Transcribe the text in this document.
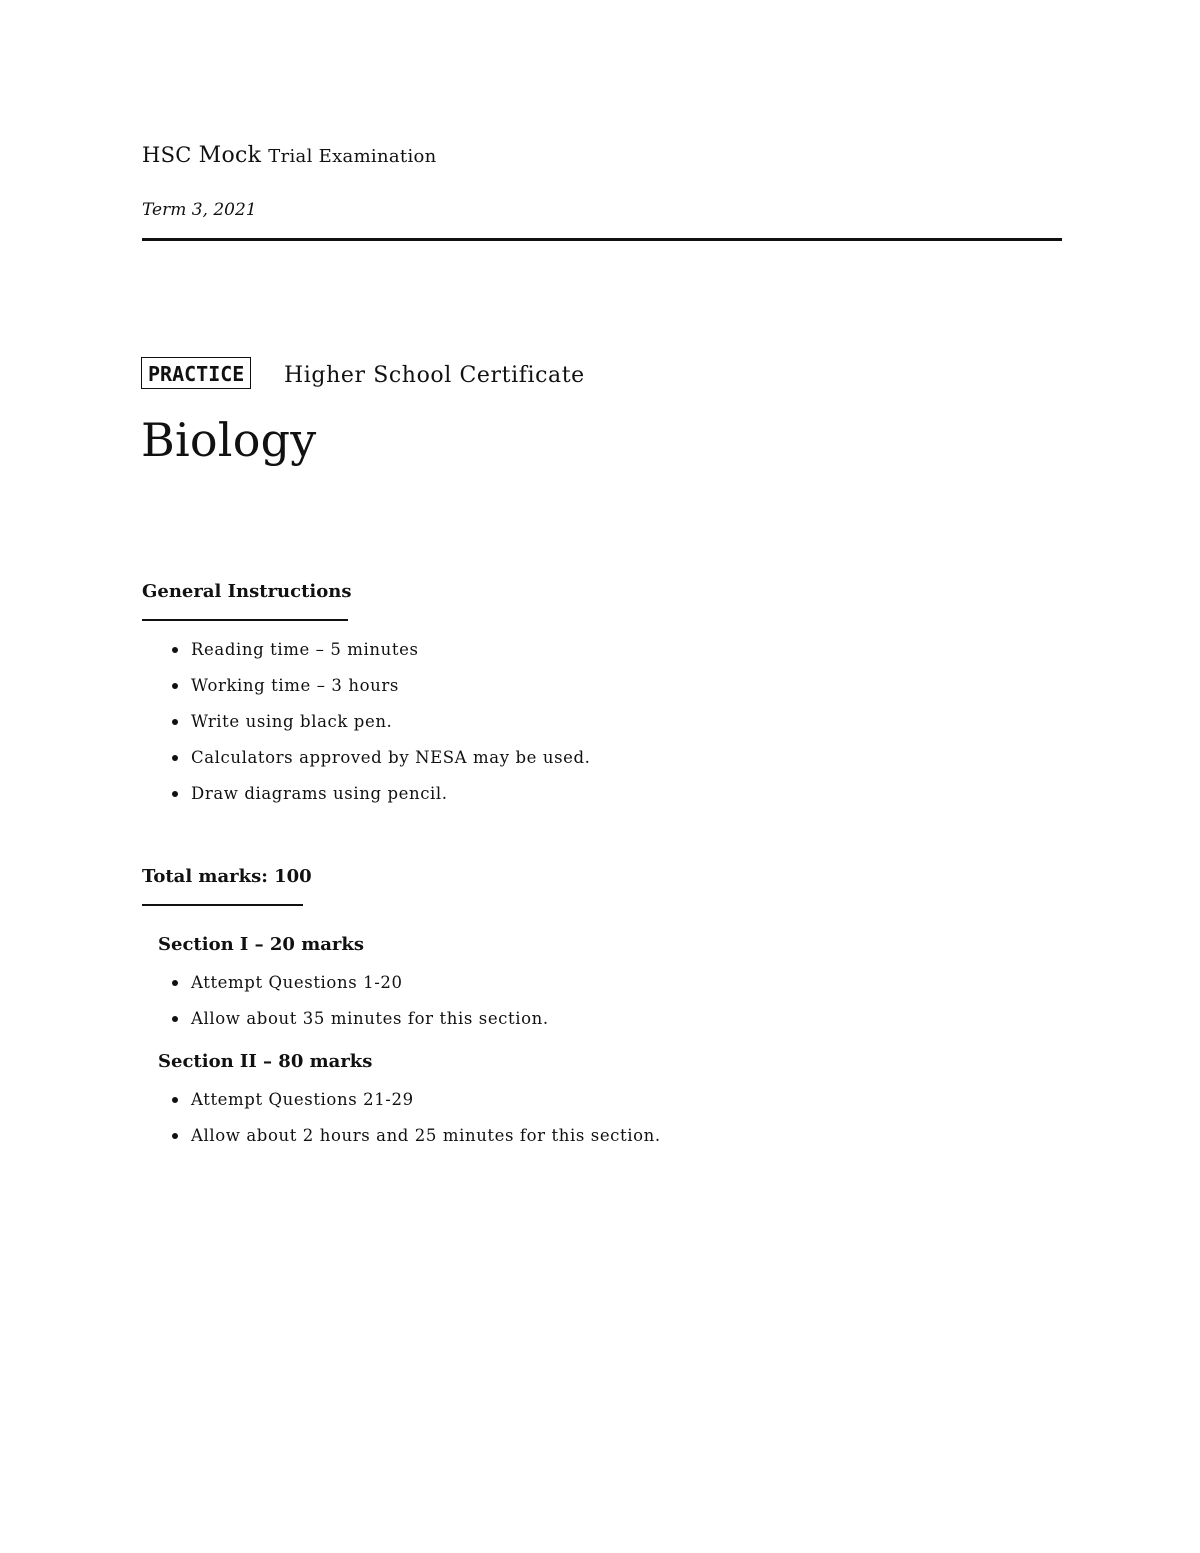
HSC Mock Trial Examination
Term 3, 2021
PRACTICE	Higher School Certificate
Biology
General Instructions
Reading time – 5 minutes
Working time – 3 hours
Write using black pen.
Calculators approved by NESA may be used.
Draw diagrams using pencil.
Total marks: 100
Section I – 20 marks
Attempt Questions 1-20
Allow about 35 minutes for this section.
Section II – 80 marks
Attempt Questions 21-29
Allow about 2 hours and 25 minutes for this section.
